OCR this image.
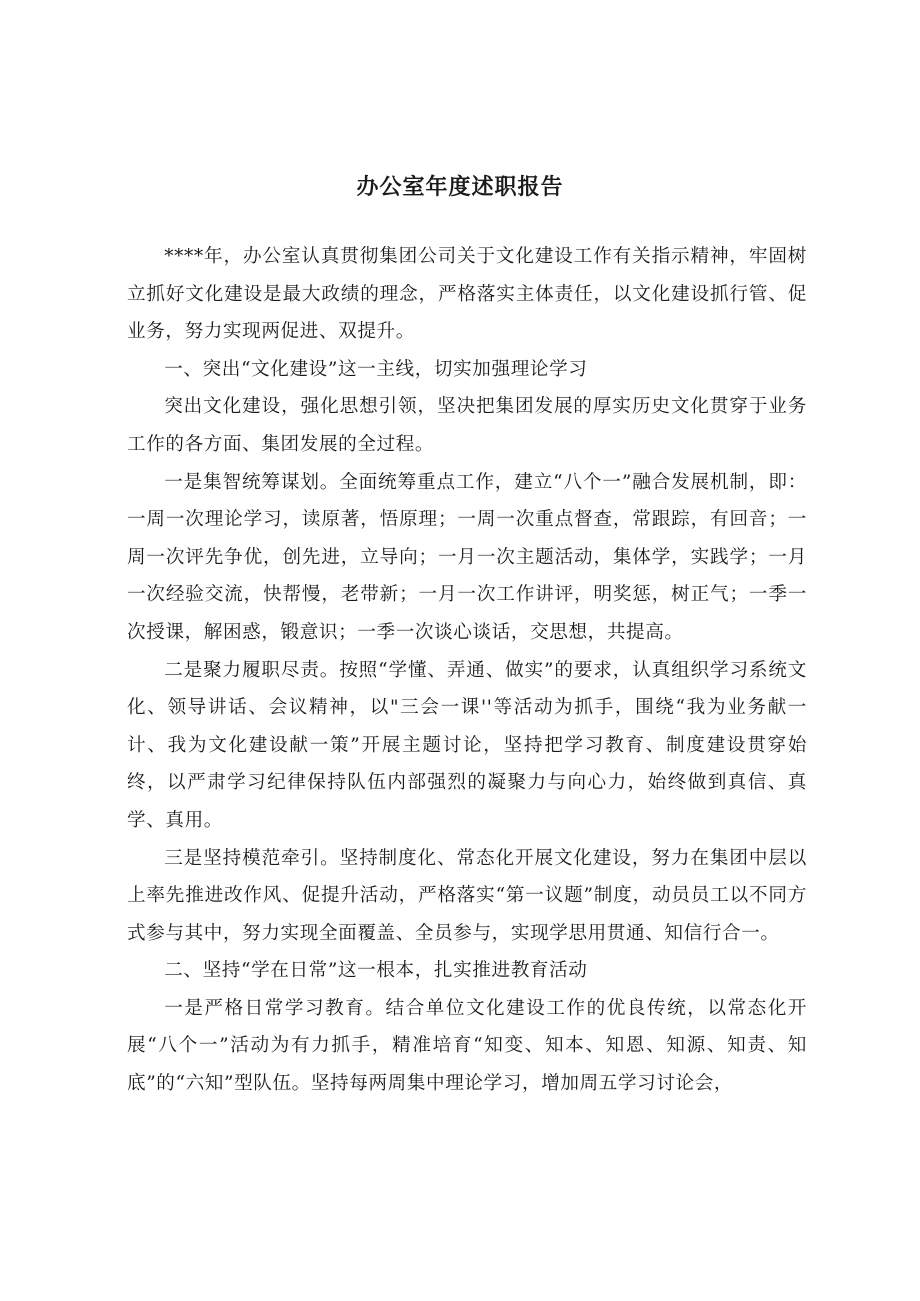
办公室年度述职报告

****年，办公室认真贯彻集团公司关于文化建设工作有关指示精神，牢固树立抓好文化建设是最大政绩的理念，严格落实主体责任，以文化建设抓行管、促业务，努力实现两促进、双提升。

一、突出“文化建设”这一主线，切实加强理论学习

突出文化建设，强化思想引领，坚决把集团发展的厚实历史文化贯穿于业务工作的各方面、集团发展的全过程。

一是集智统筹谋划。全面统筹重点工作，建立“八个一”融合发展机制，即：一周一次理论学习，读原著，悟原理；一周一次重点督查，常跟踪，有回音；一周一次评先争优，创先进，立导向；一月一次主题活动，集体学，实践学；一月一次经验交流，快帮慢，老带新；一月一次工作讲评，明奖惩，树正气；一季一次授课，解困惑，锻意识；一季一次谈心谈话，交思想，共提高。

二是聚力履职尽责。按照“学懂、弄通、做实”的要求，认真组织学习系统文化、领导讲话、会议精神，以"三会一课''等活动为抓手，围绕“我为业务献一计、我为文化建设献一策”开展主题讨论，坚持把学习教育、制度建设贯穿始终，以严肃学习纪律保持队伍内部强烈的凝聚力与向心力，始终做到真信、真学、真用。

三是坚持模范牵引。坚持制度化、常态化开展文化建设，努力在集团中层以上率先推进改作风、促提升活动，严格落实“第一议题”制度，动员员工以不同方式参与其中，努力实现全面覆盖、全员参与，实现学思用贯通、知信行合一。

二、坚持“学在日常”这一根本，扎实推进教育活动

一是严格日常学习教育。结合单位文化建设工作的优良传统，以常态化开展“八个一”活动为有力抓手，精准培育“知变、知本、知恩、知源、知责、知底”的“六知”型队伍。坚持每两周集中理论学习，增加周五学习讨论会，
